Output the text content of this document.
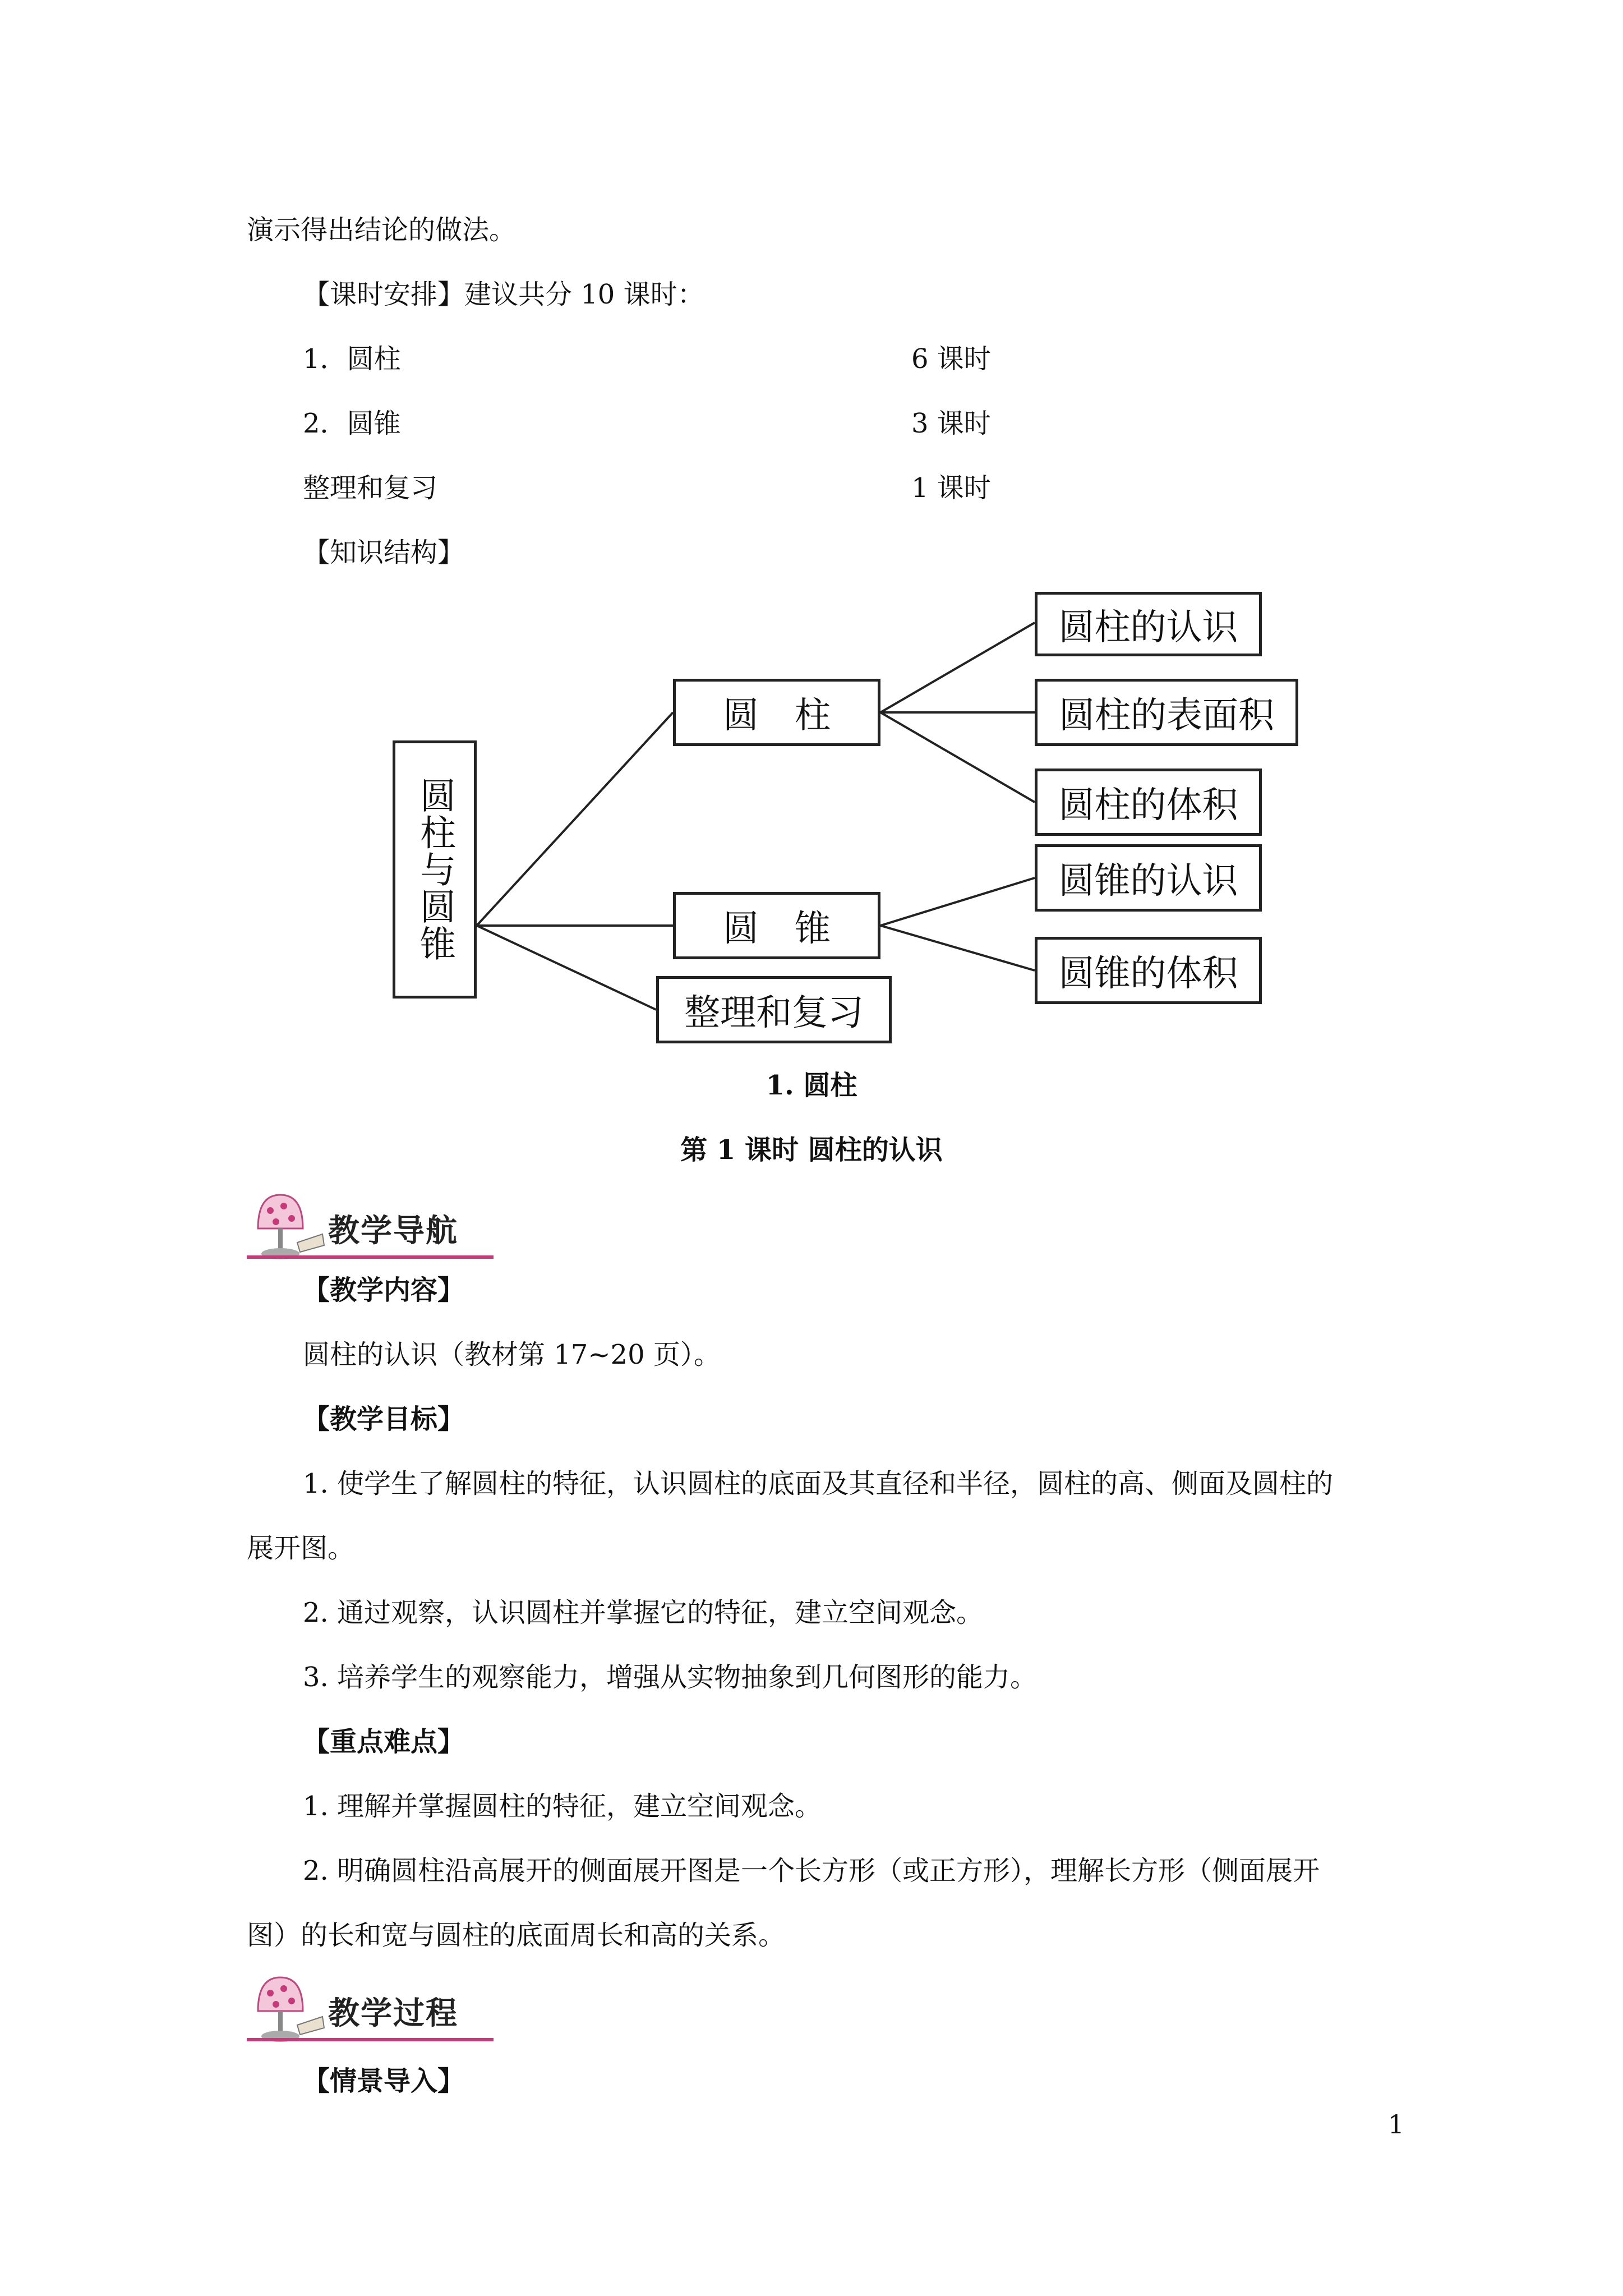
演示得出结论的做法。
【课时安排】建议共分 10 课时：
1．圆柱	6 课时
2．圆锥	3 课时
整理和复习	1 课时
【知识结构】
圆柱与圆锥
圆　柱
圆　锥
整理和复习
圆柱的认识
圆柱的表面积
圆柱的体积
圆锥的认识
圆锥的体积
1. 圆柱
第 1 课时 圆柱的认识
教学导航
【教学内容】
圆柱的认识（教材第 17~20 页）。
【教学目标】
1. 使学生了解圆柱的特征，认识圆柱的底面及其直径和半径，圆柱的高、侧面及圆柱的
展开图。
2. 通过观察，认识圆柱并掌握它的特征，建立空间观念。
3. 培养学生的观察能力，增强从实物抽象到几何图形的能力。
【重点难点】
1. 理解并掌握圆柱的特征，建立空间观念。
2. 明确圆柱沿高展开的侧面展开图是一个长方形（或正方形），理解长方形（侧面展开
图）的长和宽与圆柱的底面周长和高的关系。
教学过程
【情景导入】
1
